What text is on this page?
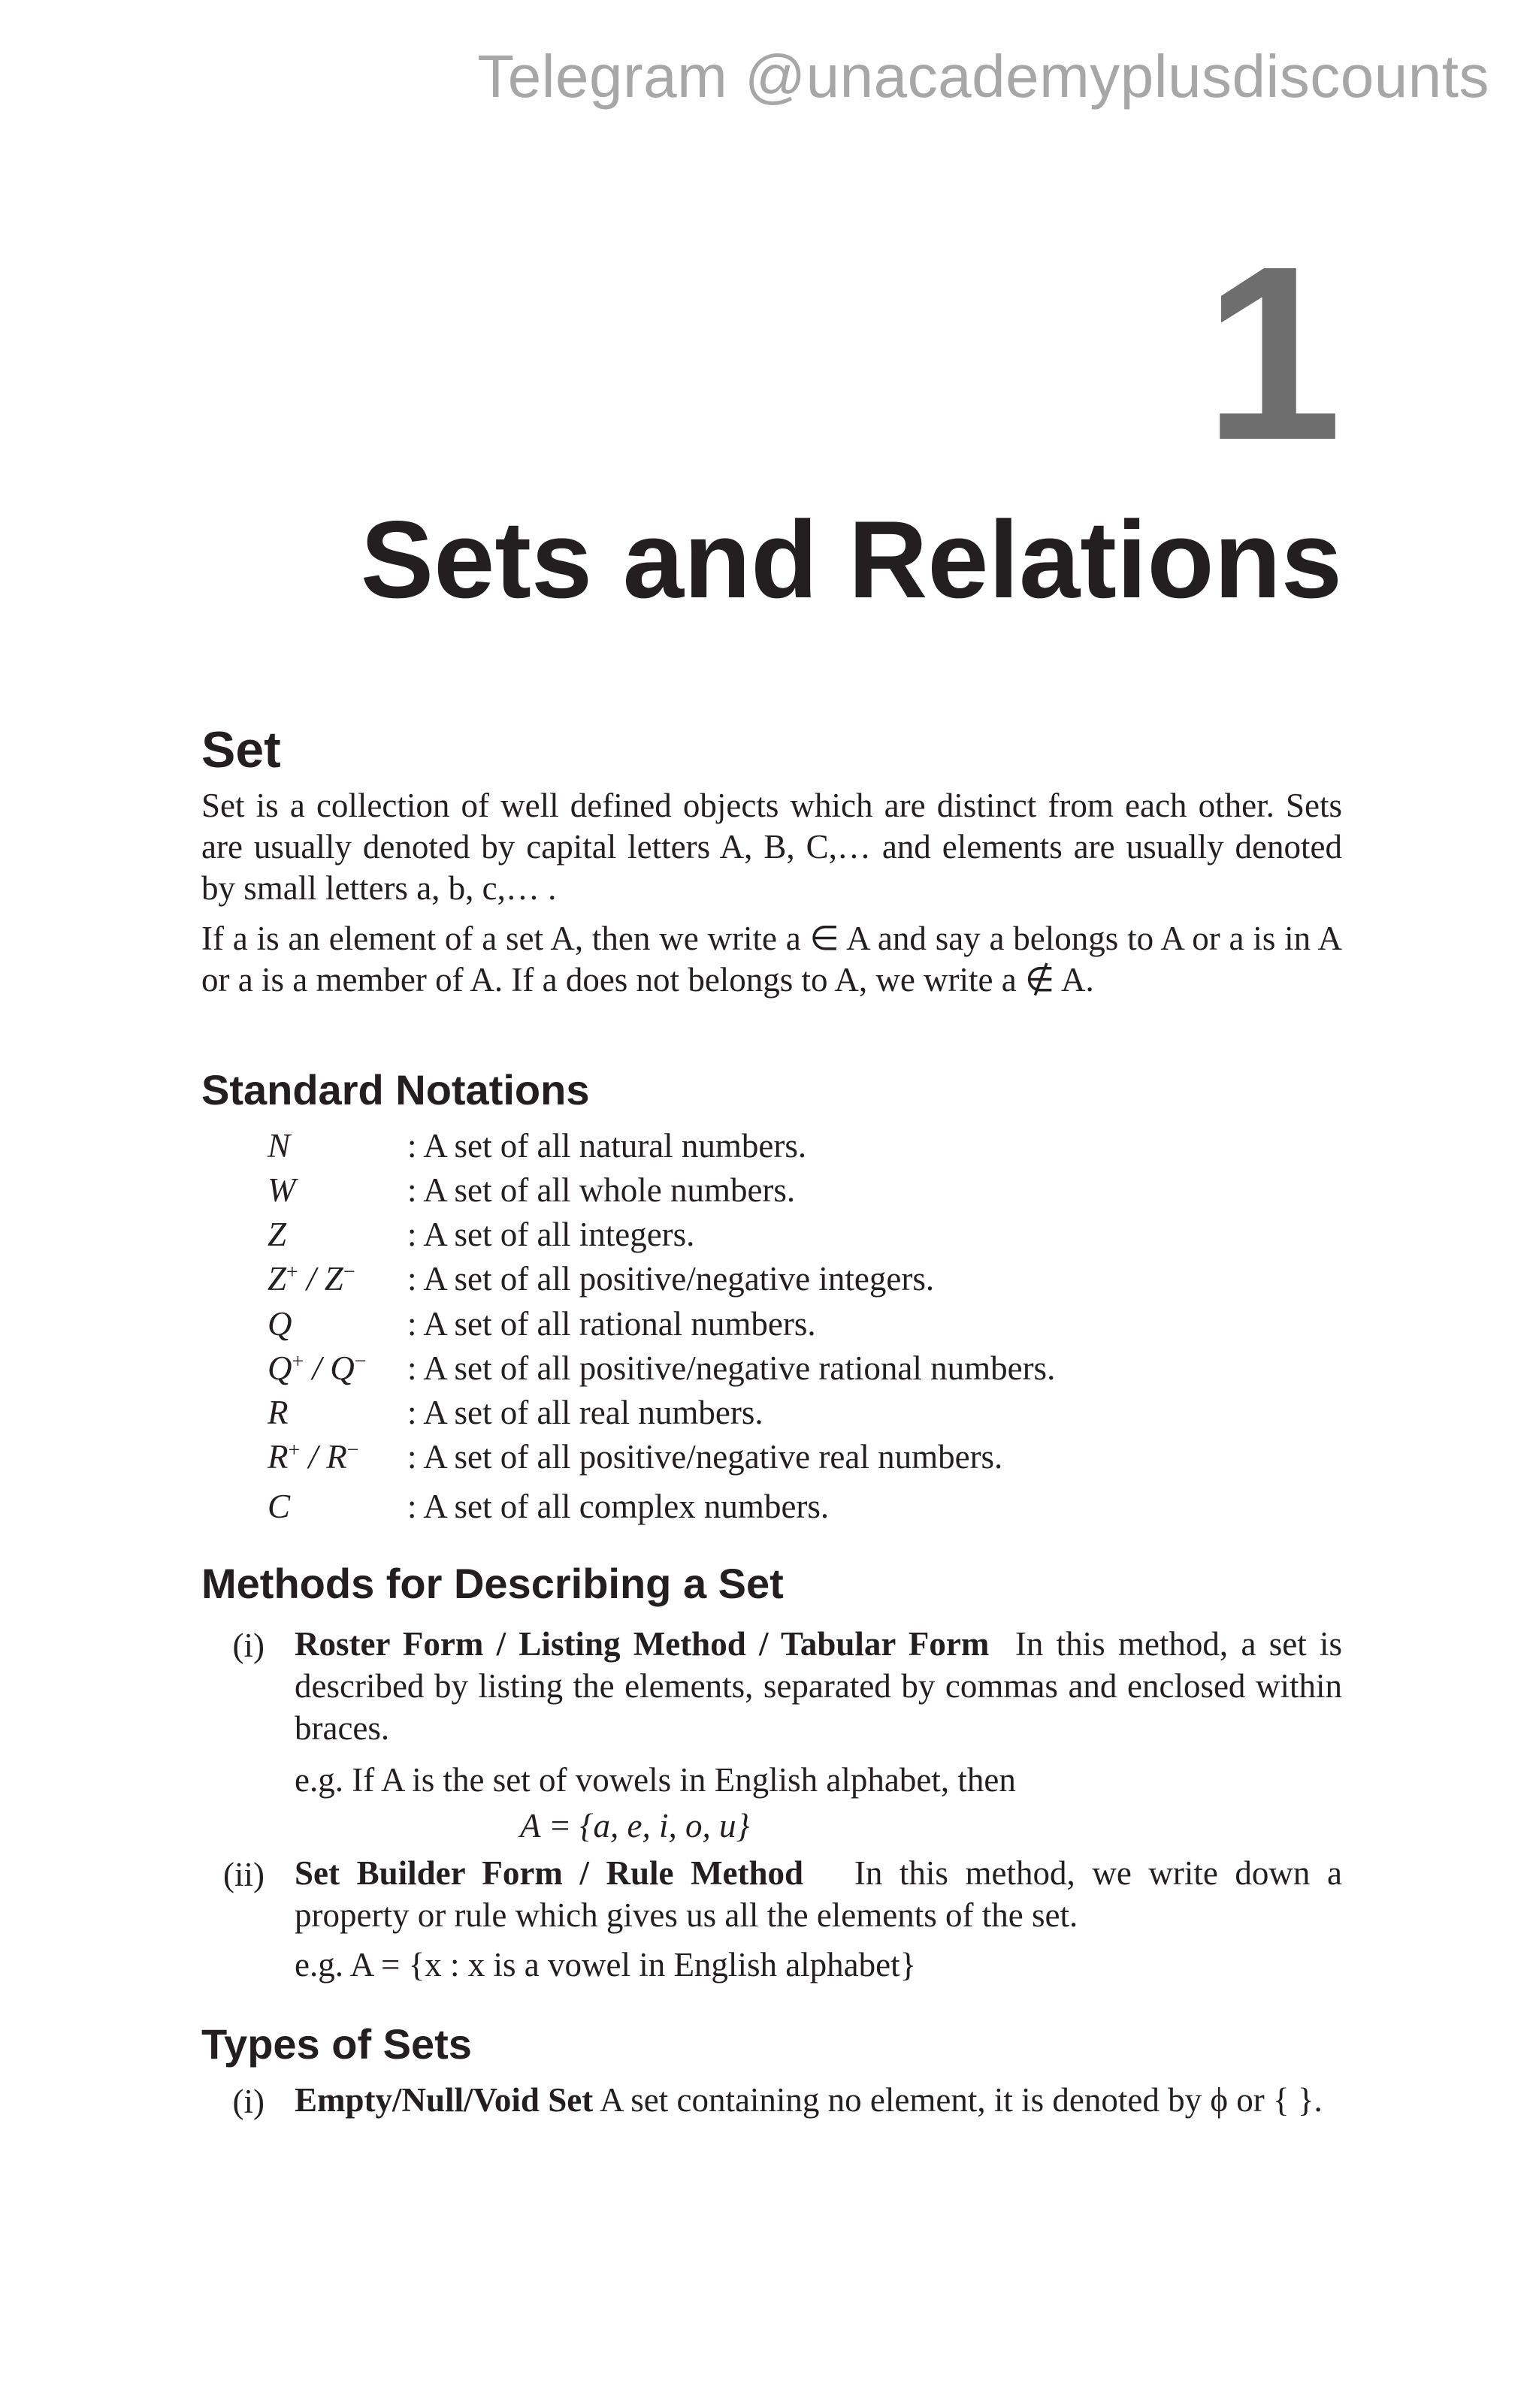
Telegram @unacademyplusdiscounts
1
Sets and Relations
Set
Set is a collection of well defined objects which are distinct from each other. Sets are usually denoted by capital letters A, B, C,… and elements are usually denoted by small letters a, b, c,… .
If a is an element of a set A, then we write a ∈ A and say a belongs to A or a is in A or a is a member of A. If a does not belongs to A, we write a ∉ A.
Standard Notations
N	: A set of all natural numbers.
W	: A set of all whole numbers.
Z	: A set of all integers.
Z+ / Z− : A set of all positive/negative integers.
Q	: A set of all rational numbers.
Q+ / Q− : A set of all positive/negative rational numbers.
R	: A set of all real numbers.
R+ / R− : A set of all positive/negative real numbers.
C	: A set of all complex numbers.
Methods for Describing a Set
(i) Roster Form / Listing Method / Tabular Form In this method, a set is described by listing the elements, separated by commas and enclosed within braces.
e.g. If A is the set of vowels in English alphabet, then
A = {a, e, i, o, u}
(ii) Set Builder Form / Rule Method In this method, we write down a property or rule which gives us all the elements of the set.
e.g. A = {x : x is a vowel in English alphabet}
Types of Sets
(i) Empty/Null/Void Set A set containing no element, it is denoted by ϕ or { }.
